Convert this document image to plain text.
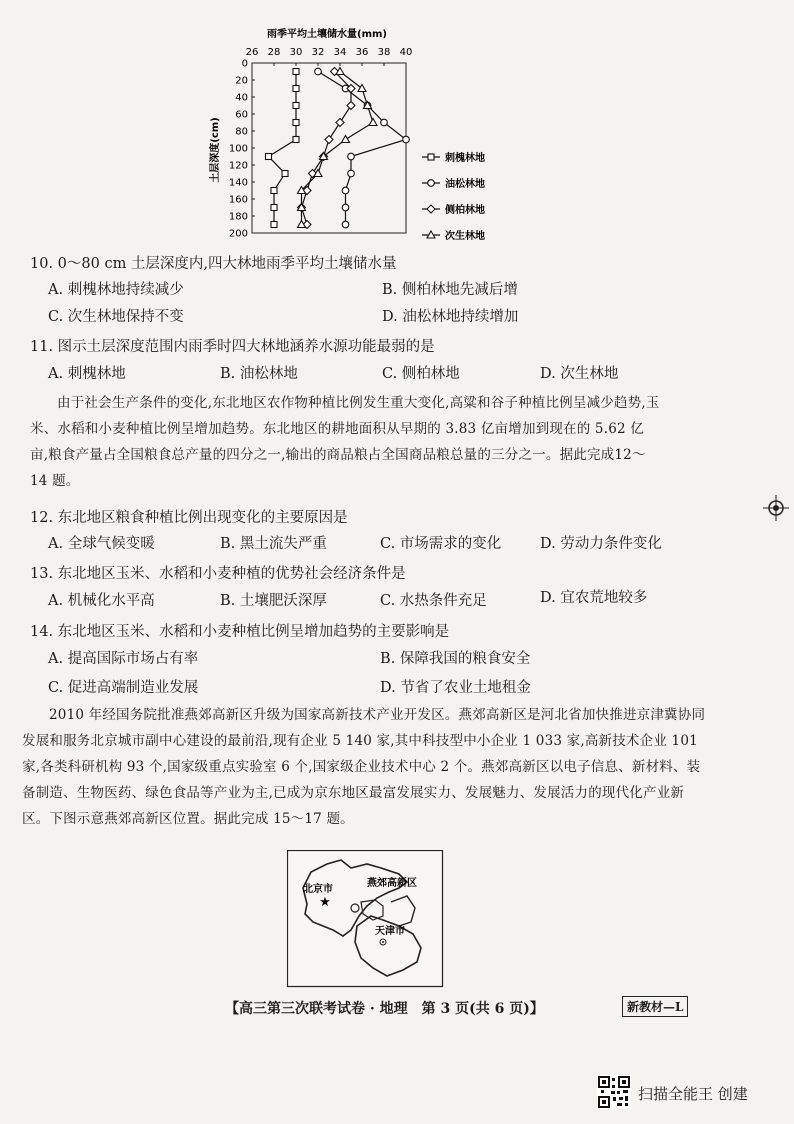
雨季平均土壤储水量(mm)
26 28 30 32 34 36 38 40
0
20
40
60
80
100
120
140
160
180
200
土层深度(cm)	刺槐林地
油松林地
侧柏林地
次生林地
10. 0～80 cm 土层深度内,四大林地雨季平均土壤储水量
A. 刺槐林地持续减少	B. 侧柏林地先减后增
C. 次生林地保持不变	D. 油松林地持续增加
11. 图示土层深度范围内雨季时四大林地涵养水源功能最弱的是
A. 刺槐林地	B. 油松林地	C. 侧柏林地	D. 次生林地
由于社会生产条件的变化,东北地区农作物种植比例发生重大变化,高粱和谷子种植比例呈减少趋势,玉米、水稻和小麦种植比例呈增加趋势。东北地区的耕地面积从早期的 3.83 亿亩增加到现在的 5.62 亿亩,粮食产量占全国粮食总产量的四分之一,输出的商品粮占全国商品粮总量的三分之一。据此完成12～14 题。
12. 东北地区粮食种植比例出现变化的主要原因是
A. 全球气候变暖	B. 黑土流失严重	C. 市场需求的变化	D. 劳动力条件变化
13. 东北地区玉米、水稻和小麦种植的优势社会经济条件是
A. 机械化水平高	B. 土壤肥沃深厚	C. 水热条件充足	D. 宜农荒地较多
14. 东北地区玉米、水稻和小麦种植比例呈增加趋势的主要影响是
A. 提高国际市场占有率	B. 保障我国的粮食安全
C. 促进高端制造业发展	D. 节省了农业土地租金
2010 年经国务院批准燕郊高新区升级为国家高新技术产业开发区。燕郊高新区是河北省加快推进京津冀协同发展和服务北京城市副中心建设的最前沿,现有企业 5 140 家,其中科技型中小企业 1 033 家,高新技术企业 101 家,各类科研机构 93 个,国家级重点实验室 6 个,国家级企业技术中心 2 个。燕郊高新区以电子信息、新材料、装备制造、生物医药、绿色食品等产业为主,已成为京东地区最富发展实力、发展魅力、发展活力的现代化产业新区。下图示意燕郊高新区位置。据此完成 15～17 题。
★
北京市
燕郊高新区
天津市
【高三第三次联考试卷 · 地理　第 3 页(共 6 页)】	新教材—L
扫描全能王 创建
